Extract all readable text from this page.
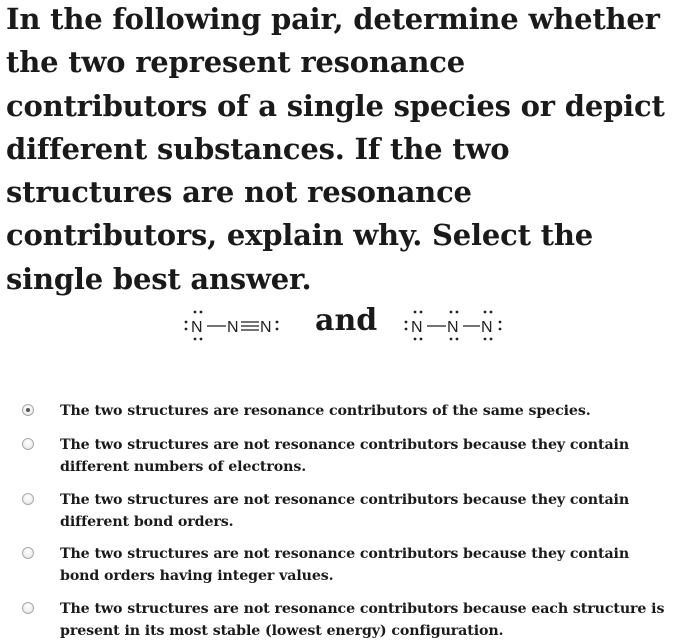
In the following pair, determine whether the two represent resonance contributors of a single species or depict different substances. If the two structures are not resonance contributors, explain why. Select the single best answer.

N N N and N N N
The two structures are resonance contributors of the same species.
The two structures are not resonance contributors because they contain different numbers of electrons.
The two structures are not resonance contributors because they contain different bond orders.
The two structures are not resonance contributors because they contain bond orders having integer values.
The two structures are not resonance contributors because each structure is present in its most stable (lowest energy) configuration.
